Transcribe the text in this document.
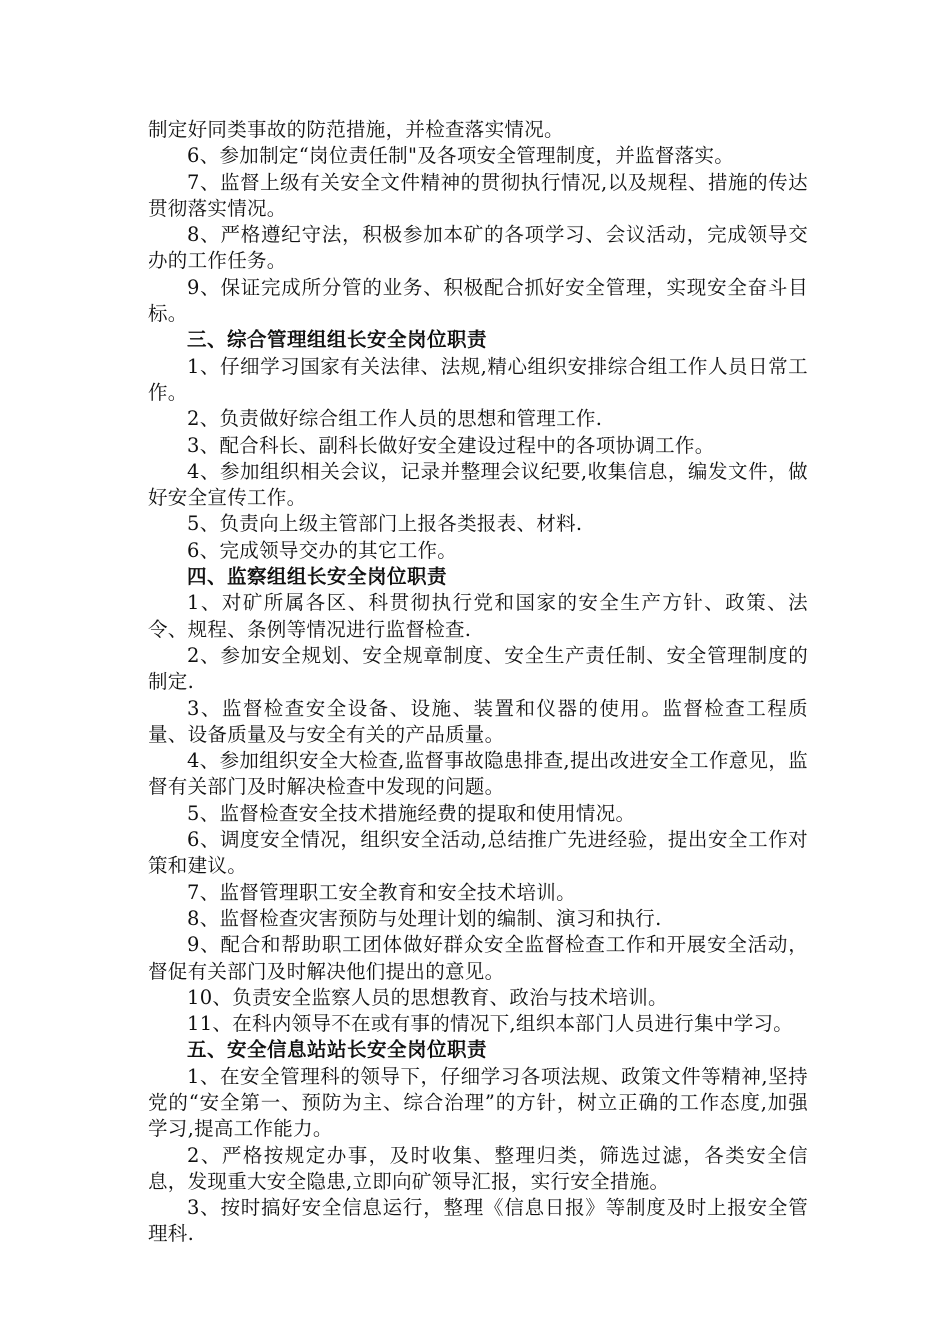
制定好同类事故的防范措施，并检查落实情况。

6、参加制定“岗位责任制"及各项安全管理制度，并监督落实。

7、监督上级有关安全文件精神的贯彻执行情况,以及规程、措施的传达贯彻落实情况。

8、严格遵纪守法，积极参加本矿的各项学习、会议活动，完成领导交办的工作任务。

9、保证完成所分管的业务、积极配合抓好安全管理，实现安全奋斗目标。

三、综合管理组组长安全岗位职责

1、仔细学习国家有关法律、法规,精心组织安排综合组工作人员日常工作。

2、负责做好综合组工作人员的思想和管理工作.

3、配合科长、副科长做好安全建设过程中的各项协调工作。

4、参加组织相关会议，记录并整理会议纪要,收集信息，编发文件，做好安全宣传工作。

5、负责向上级主管部门上报各类报表、材料.

6、完成领导交办的其它工作。

四、监察组组长安全岗位职责

1、对矿所属各区、科贯彻执行党和国家的安全生产方针、政策、法令、规程、条例等情况进行监督检查.

2、参加安全规划、安全规章制度、安全生产责任制、安全管理制度的制定.

3、监督检查安全设备、设施、装置和仪器的使用。监督检查工程质量、设备质量及与安全有关的产品质量。

4、参加组织安全大检查,监督事故隐患排查,提出改进安全工作意见，监督有关部门及时解决检查中发现的问题。

5、监督检查安全技术措施经费的提取和使用情况。

6、调度安全情况，组织安全活动,总结推广先进经验，提出安全工作对策和建议。

7、监督管理职工安全教育和安全技术培训。

8、监督检查灾害预防与处理计划的编制、演习和执行.

9、配合和帮助职工团体做好群众安全监督检查工作和开展安全活动，督促有关部门及时解决他们提出的意见。

10、负责安全监察人员的思想教育、政治与技术培训。

11、在科内领导不在或有事的情况下,组织本部门人员进行集中学习。

五、安全信息站站长安全岗位职责

1、在安全管理科的领导下，仔细学习各项法规、政策文件等精神,坚持党的“安全第一、预防为主、综合治理”的方针，树立正确的工作态度,加强学习,提高工作能力。

2、严格按规定办事，及时收集、整理归类，筛选过滤，各类安全信息，发现重大安全隐患,立即向矿领导汇报，实行安全措施。

3、按时搞好安全信息运行，整理《信息日报》等制度及时上报安全管理科.
